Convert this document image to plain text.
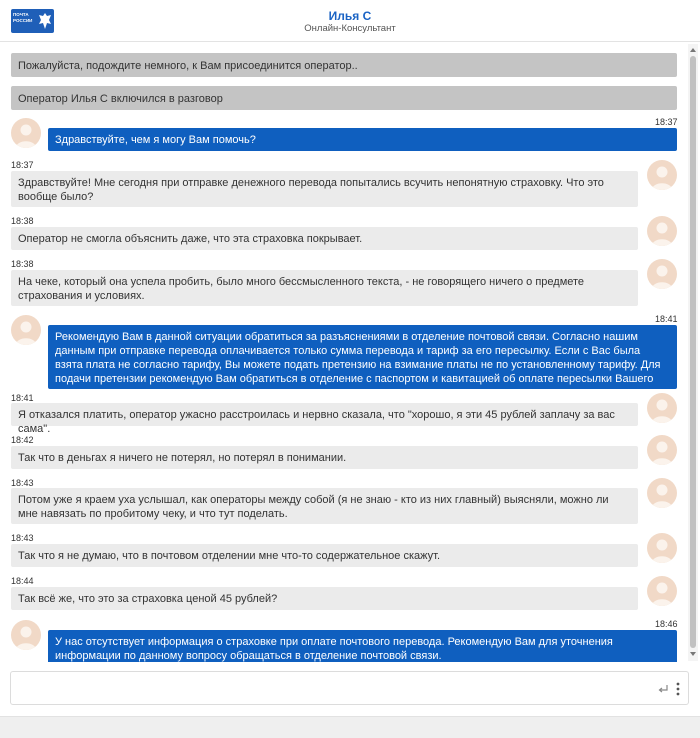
ПОЧТА РОССИИ	Илья С
Онлайн-Консультант
Пожалуйста, подождите немного, к Вам присоединится оператор..
Оператор Илья С включился в разговор
18:37
Здравствуйте, чем я могу Вам помочь?
18:37
Здравствуйте! Мне сегодня при отправке денежного перевода попытались всучить непонятную страховку. Что это вообще было?
18:38
Оператор не смогла объяснить даже, что эта страховка покрывает.
18:38
На чеке, который она успела пробить, было много бессмысленного текста, - не говорящего ничего о предмете страхования и условиях.
18:41
Рекомендую Вам в данной ситуации обратиться за разъяснениями в отделение почтовой связи. Согласно нашим данным при отправке перевода оплачивается только сумма перевода и тариф за его пересылку. Если с Вас была взята плата не согласно тарифу, Вы можете подать претензию на взимание платы не по установленному тарифу. Для подачи претензии рекомендую Вам обратиться в отделение с паспортом и кавитацией об оплате пересылки Вашего перевода.
18:41
Я отказался платить, оператор ужасно расстроилась и нервно сказала, что "хорошо, я эти 45 рублей заплачу за вас сама".
18:42
Так что в деньгах я ничего не потерял, но потерял в понимании.
18:43
Потом уже я краем уха услышал, как операторы между собой (я не знаю - кто из них главный) выясняли, можно ли мне навязать по пробитому чеку, и что тут поделать.
18:43
Так что я не думаю, что в почтовом отделении мне что-то содержательное скажут.
18:44
Так всё же, что это за страховка ценой 45 рублей?
18:46
У нас отсутствует информация о страховке при оплате почтового перевода. Рекомендую Вам для уточнения информации по данному вопросу обращаться в отделение почтовой связи.
